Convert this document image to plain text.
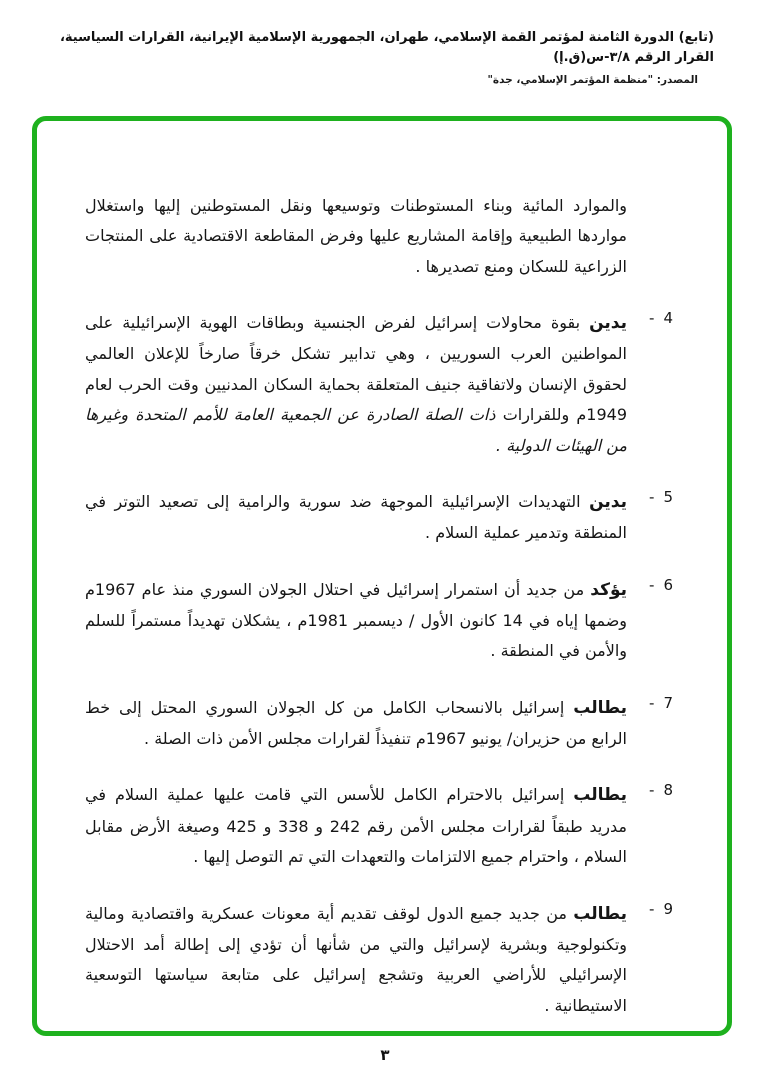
(تابع) الدورة الثامنة لمؤتمر القمة الإسلامي، طهران، الجمهورية الإسلامية الإيرانية، القرارات السياسية، القرار الرقم ٣/٨-س(ق.إ)
المصدر: "منظمة المؤتمر الإسلامي، جدة"

والموارد المائية وبناء المستوطنات وتوسيعها ونقل المستوطنين إليها واستغلال مواردها الطبيعية وإقامة المشاريع عليها وفرض المقاطعة الاقتصادية على المنتجات الزراعية للسكان ومنع تصديرها .

4
-

يدين بقوة محاولات إسرائيل لفرض الجنسية وبطاقات الهوية الإسرائيلية على المواطنين العرب السوريين ، وهي تدابير تشكل خرقاً صارخاً للإعلان العالمي لحقوق الإنسان ولاتفاقية جنيف المتعلقة بحماية السكان المدنيين وقت الحرب لعام 1949م وللقرارات ذات الصلة الصادرة عن الجمعية العامة للأمم المتحدة وغيرها من الهيئات الدولية .

5
-

يدين التهديدات الإسرائيلية الموجهة ضد سورية والرامية إلى تصعيد التوتر في المنطقة وتدمير عملية السلام .

6
-

يؤكد من جديد أن استمرار إسرائيل في احتلال الجولان السوري منذ عام 1967م وضمها إياه في 14 كانون الأول / ديسمبر 1981م ، يشكلان تهديداً مستمراً للسلم والأمن في المنطقة .

7
-

يطالب إسرائيل بالانسحاب الكامل من كل الجولان السوري المحتل إلى خط الرابع من حزيران/ يونيو 1967م تنفيذاً لقرارات مجلس الأمن ذات الصلة .

8
-

يطالب إسرائيل بالاحترام الكامل للأسس التي قامت عليها عملية السلام في مدريد طبقاً لقرارات مجلس الأمن رقم 242 و 338 و 425 وصيغة الأرض مقابل السلام ، واحترام جميع الالتزامات والتعهدات التي تم التوصل إليها .

9
-

يطالب من جديد جميع الدول لوقف تقديم أية معونات عسكرية واقتصادية ومالية وتكنولوجية وبشرية لإسرائيل والتي من شأنها أن تؤدي إلى إطالة أمد الاحتلال الإسرائيلي للأراضي العربية وتشجع إسرائيل على متابعة سياستها التوسعية الاستيطانية .

٣
